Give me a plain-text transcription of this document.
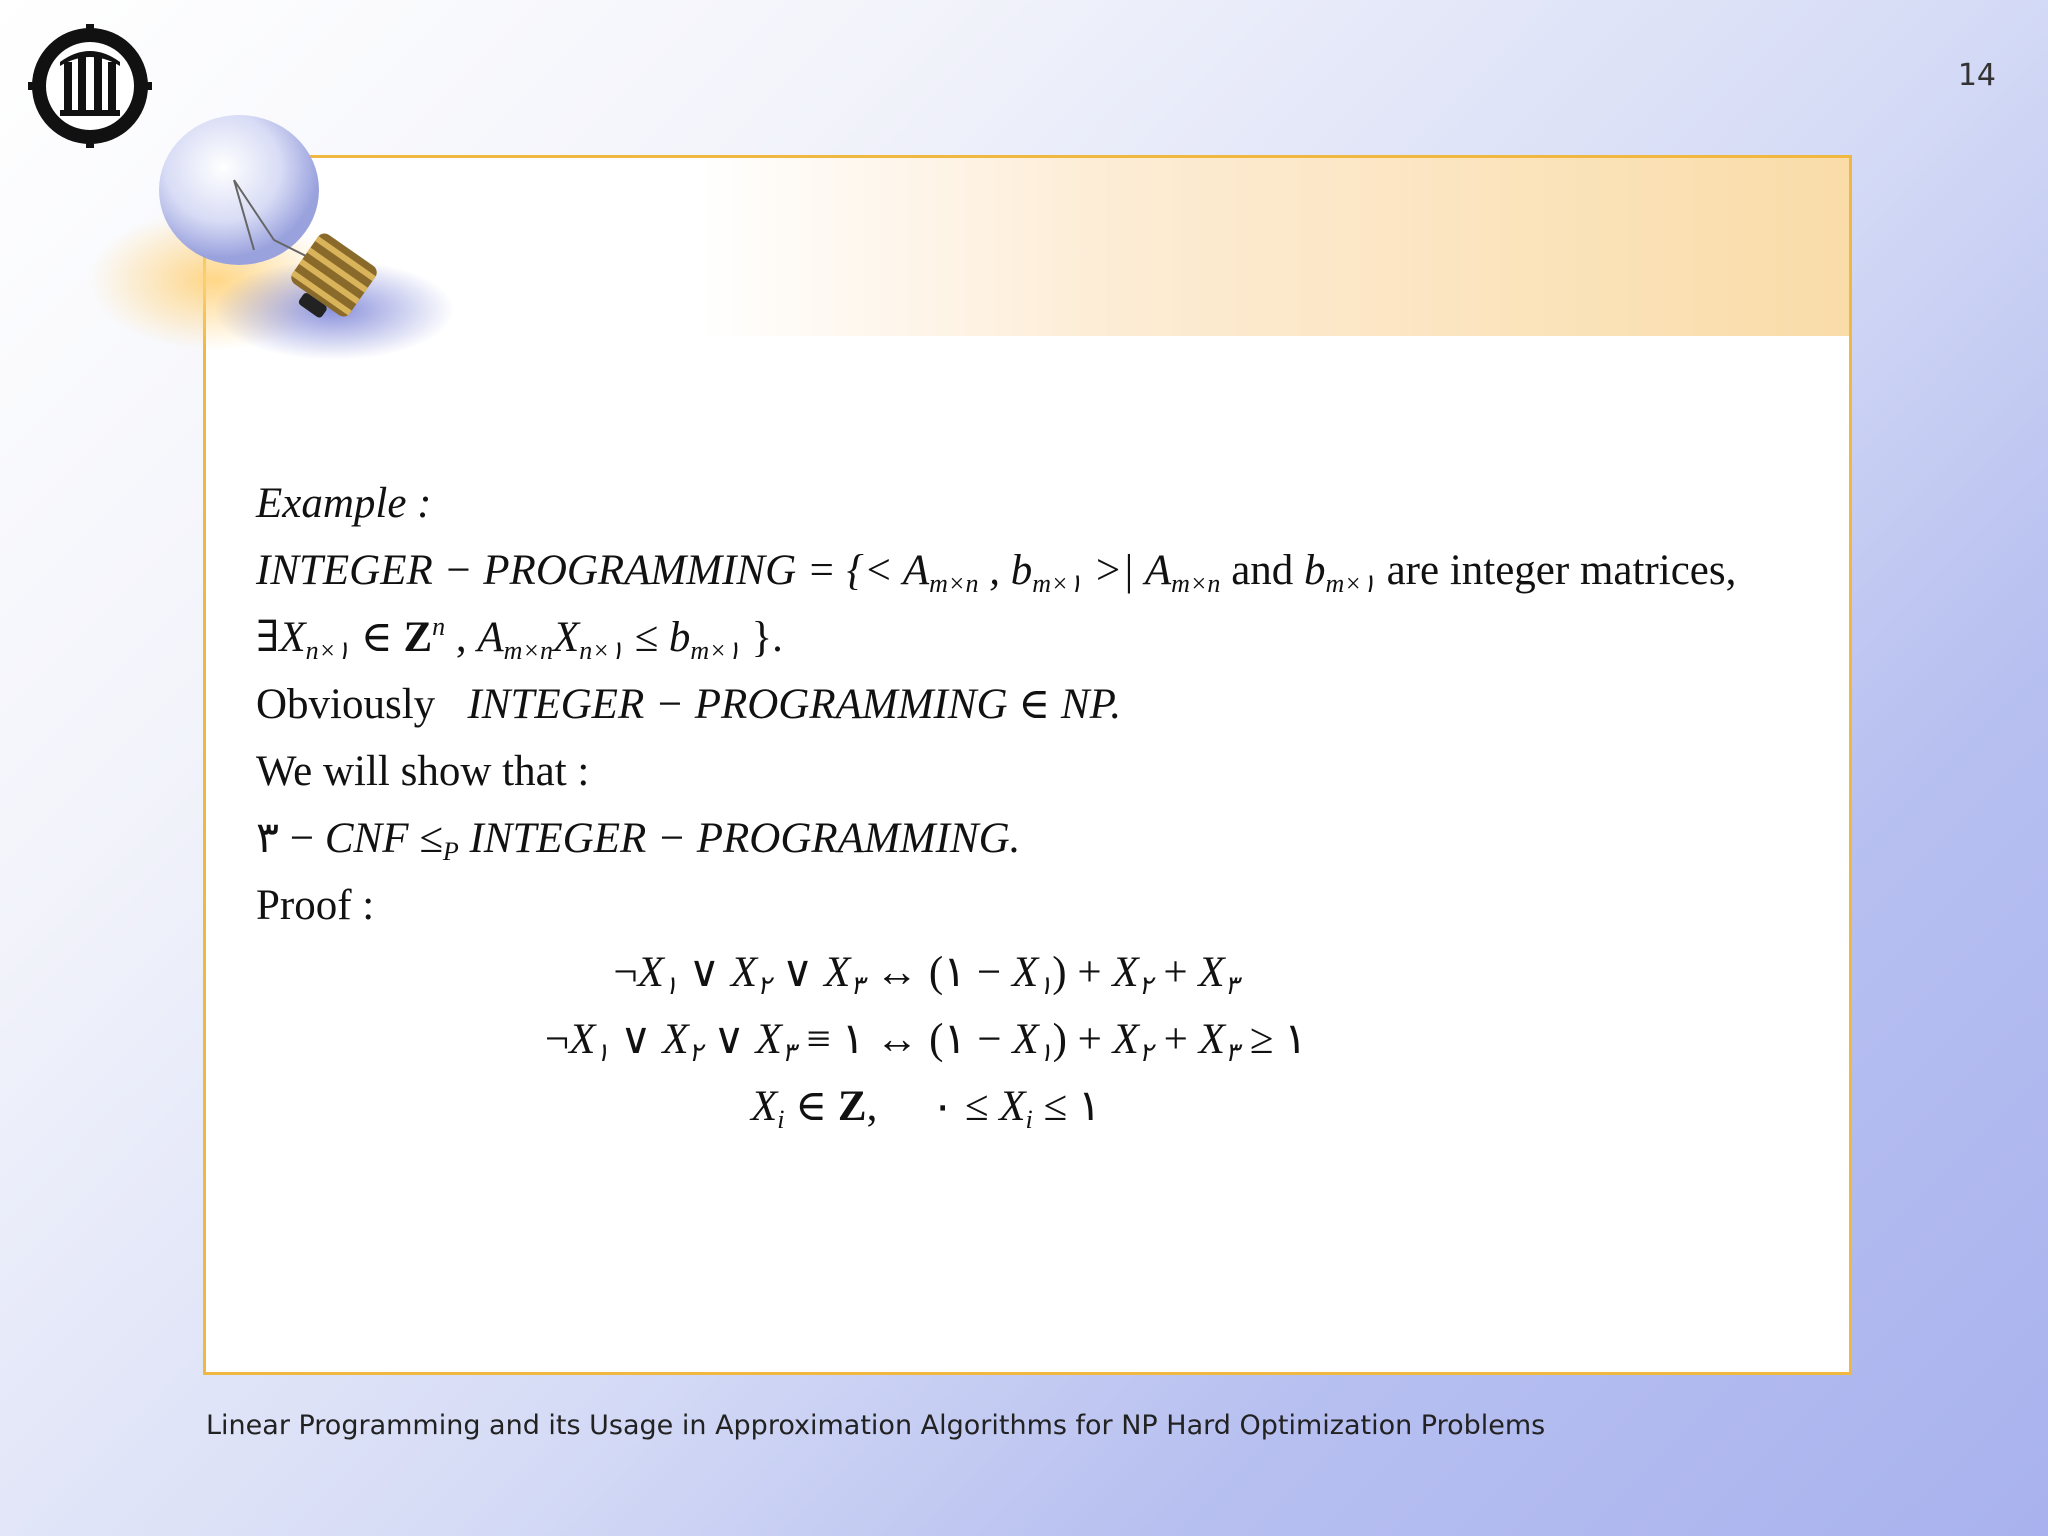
14
Example :
INTEGER − PROGRAMMING = {< $A_{m\times n}$ , $b_{m\times ۱}$ >| $A_{m\times n}$ and $b_{m\times ۱}$ are integer matrices,
$\exists X_{n\times ۱}$ ∈ $Z^n$ , $A_{m\times n}X_{n\times ۱} \le b_{m\times ۱}$ }.
Obviously INTEGER − PROGRAMMING ∈ NP.
We will show that :
۳ − CNF $\le_P$ INTEGER − PROGRAMMING.
Proof :
$\neg X_۱$ ∨ $X_۲$ ∨ $X_۳$ ↔ (۱ − $X_۱) + X_۲ + X_۳$
$\neg X_۱$ ∨ $X_۲$ ∨ $X_۳$ ≡ ۱ ↔ (۱ − $X_۱) + X_۲ + X_۳$ ≥ ۱
$X_i$ ∈ Z,     ۰ ≤ $X_i$ ≤ ۱
Linear Programming and its Usage in Approximation Algorithms for NP Hard Optimization Problems
